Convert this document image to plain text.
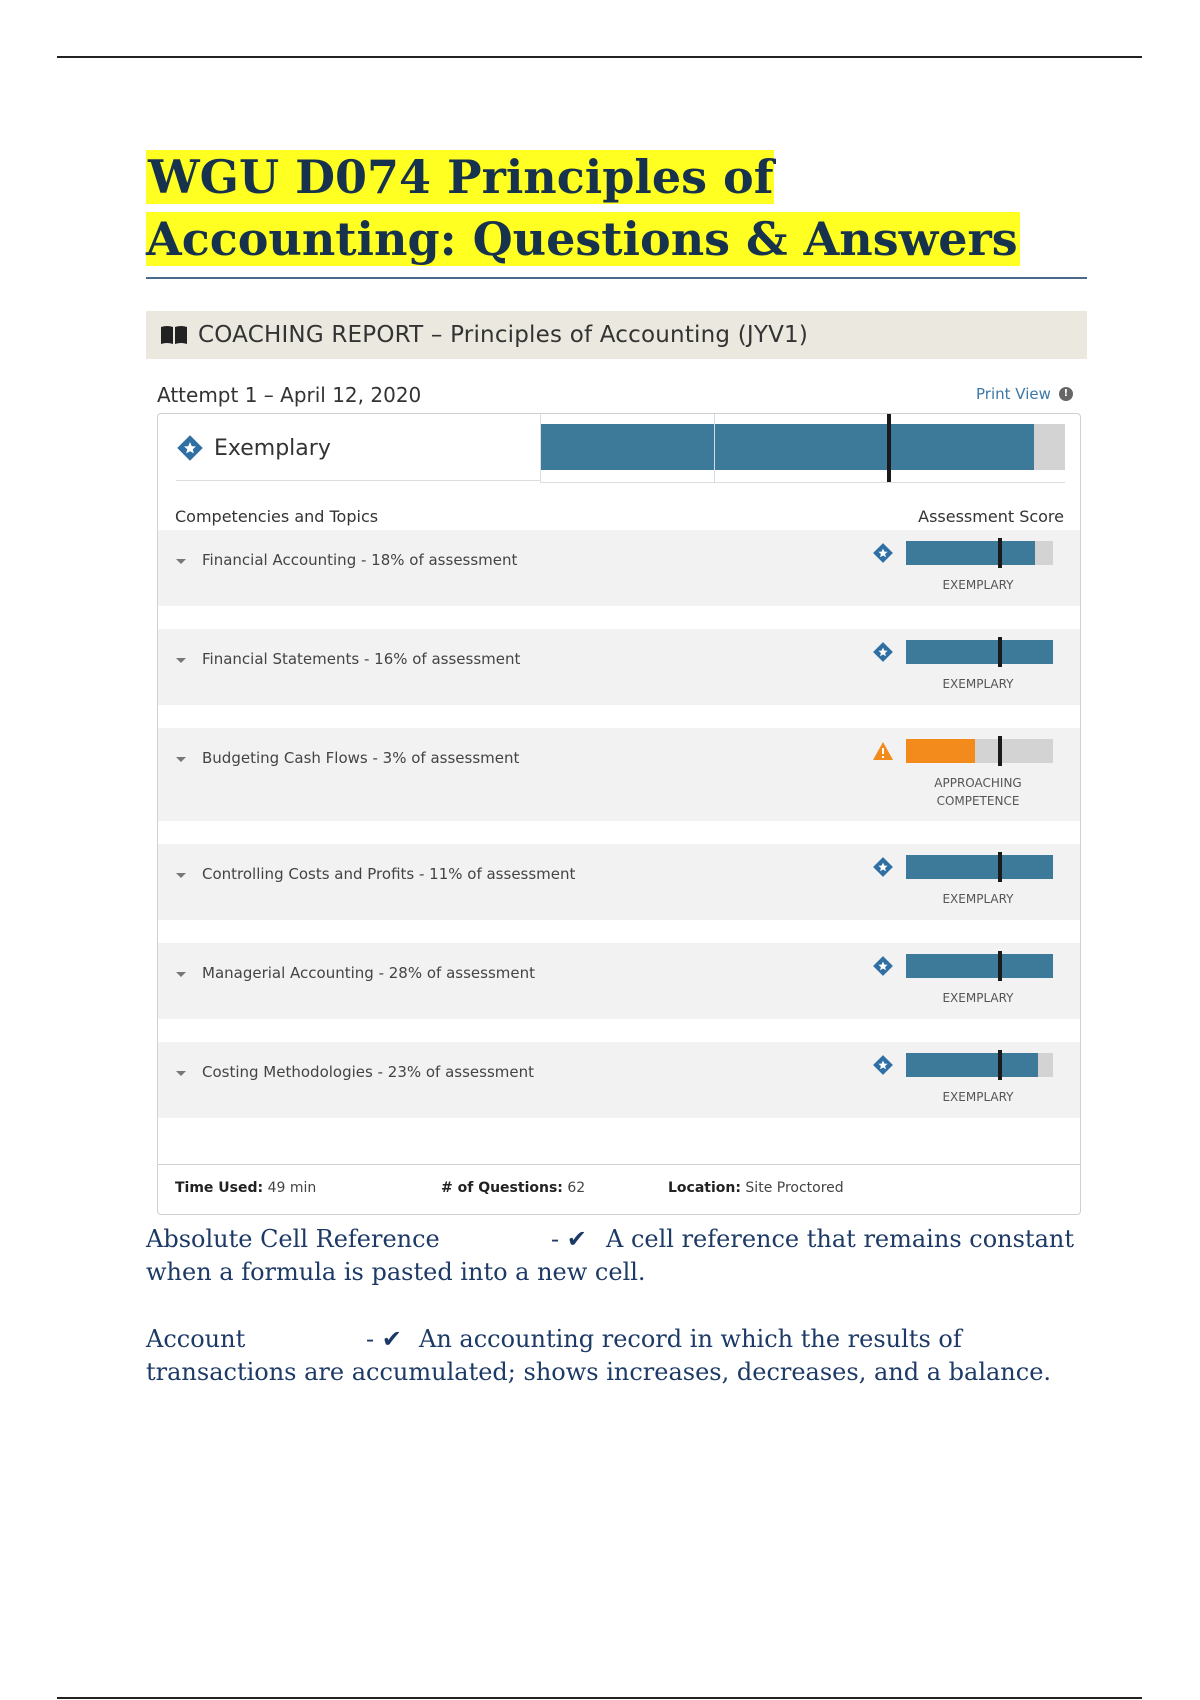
WGU D074 Principles of Accounting: Questions & Answers
COACHING REPORT – Principles of Accounting (JYV1)
Attempt 1 – April 12, 2020	Print View	!
Exemplary
Competencies and Topics	Assessment Score
Financial Accounting - 18% of assessment
EXEMPLARY
Financial Statements - 16% of assessment
EXEMPLARY
Budgeting Cash Flows - 3% of assessment
APPROACHING COMPETENCE
Controlling Costs and Profits - 11% of assessment
EXEMPLARY
Managerial Accounting - 28% of assessment
EXEMPLARY
Costing Methodologies - 23% of assessment
EXEMPLARY
Time Used: 49 min	# of Questions: 62	Location: Site Proctored
Absolute Cell Reference	- ✔ A cell reference that remains constant
when a formula is pasted into a new cell.
Account	- ✔ An accounting record in which the results of
transactions are accumulated; shows increases, decreases, and a balance.
